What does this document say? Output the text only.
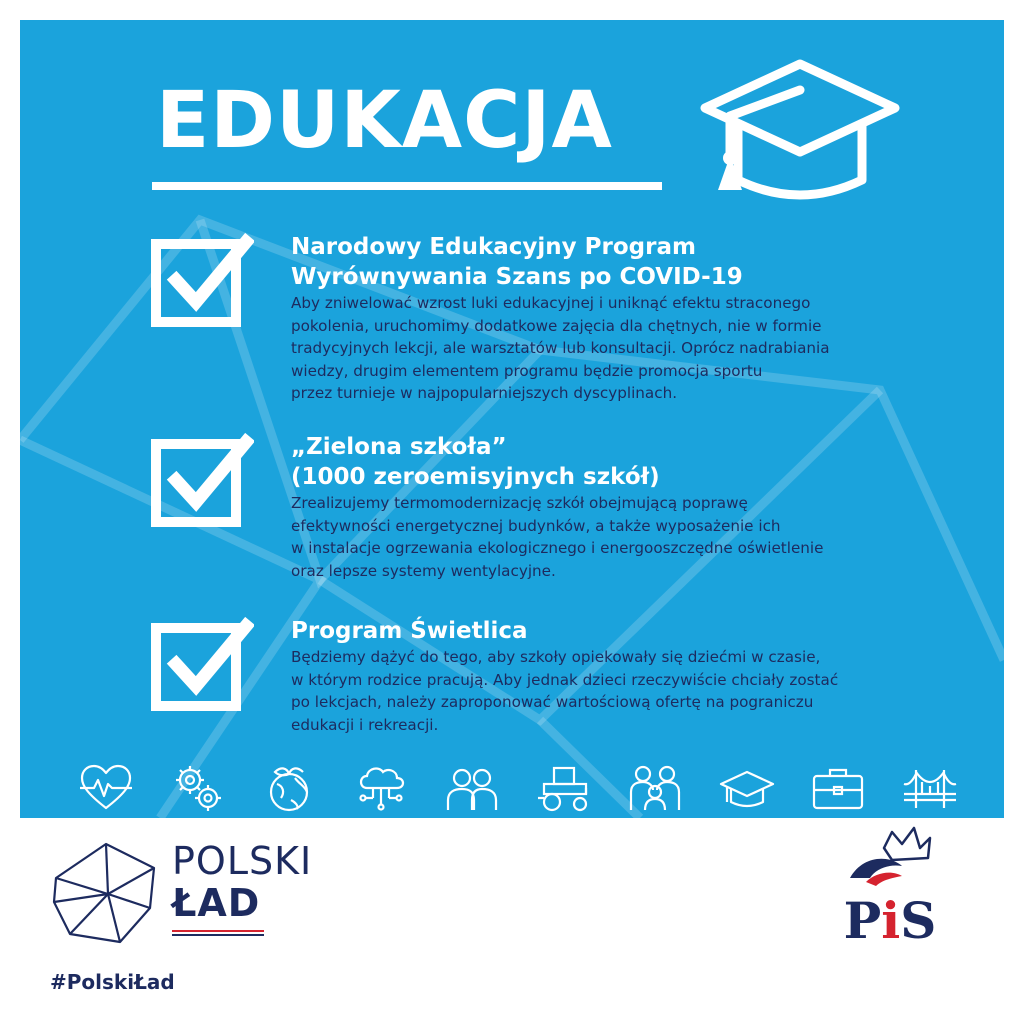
EDUKACJA
Narodowy Edukacyjny Program
Wyrównywania Szans po COVID-19
Aby zniwelować wzrost luki edukacyjnej i uniknąć efektu straconego
pokolenia, uruchomimy dodatkowe zajęcia dla chętnych, nie w formie
tradycyjnych lekcji, ale warsztatów lub konsultacji. Oprócz nadrabiania
wiedzy, drugim elementem programu będzie promocja sportu
przez turnieje w najpopularniejszych dyscyplinach.
„Zielona szkoła”
(1000 zeroemisyjnych szkół)
Zrealizujemy termomodernizację szkół obejmującą poprawę
efektywności energetycznej budynków, a także wyposażenie ich
w instalacje ogrzewania ekologicznego i energooszczędne oświetlenie
oraz lepsze systemy wentylacyjne.
Program Świetlica
Będziemy dążyć do tego, aby szkoły opiekowały się dziećmi w czasie,
w którym rodzice pracują. Aby jednak dzieci rzeczywiście chciały zostać
po lekcjach, należy zaproponować wartościową ofertę na pograniczu
edukacji i rekreacji.
POLSKI
ŁAD
#PolskiŁad
PiS
